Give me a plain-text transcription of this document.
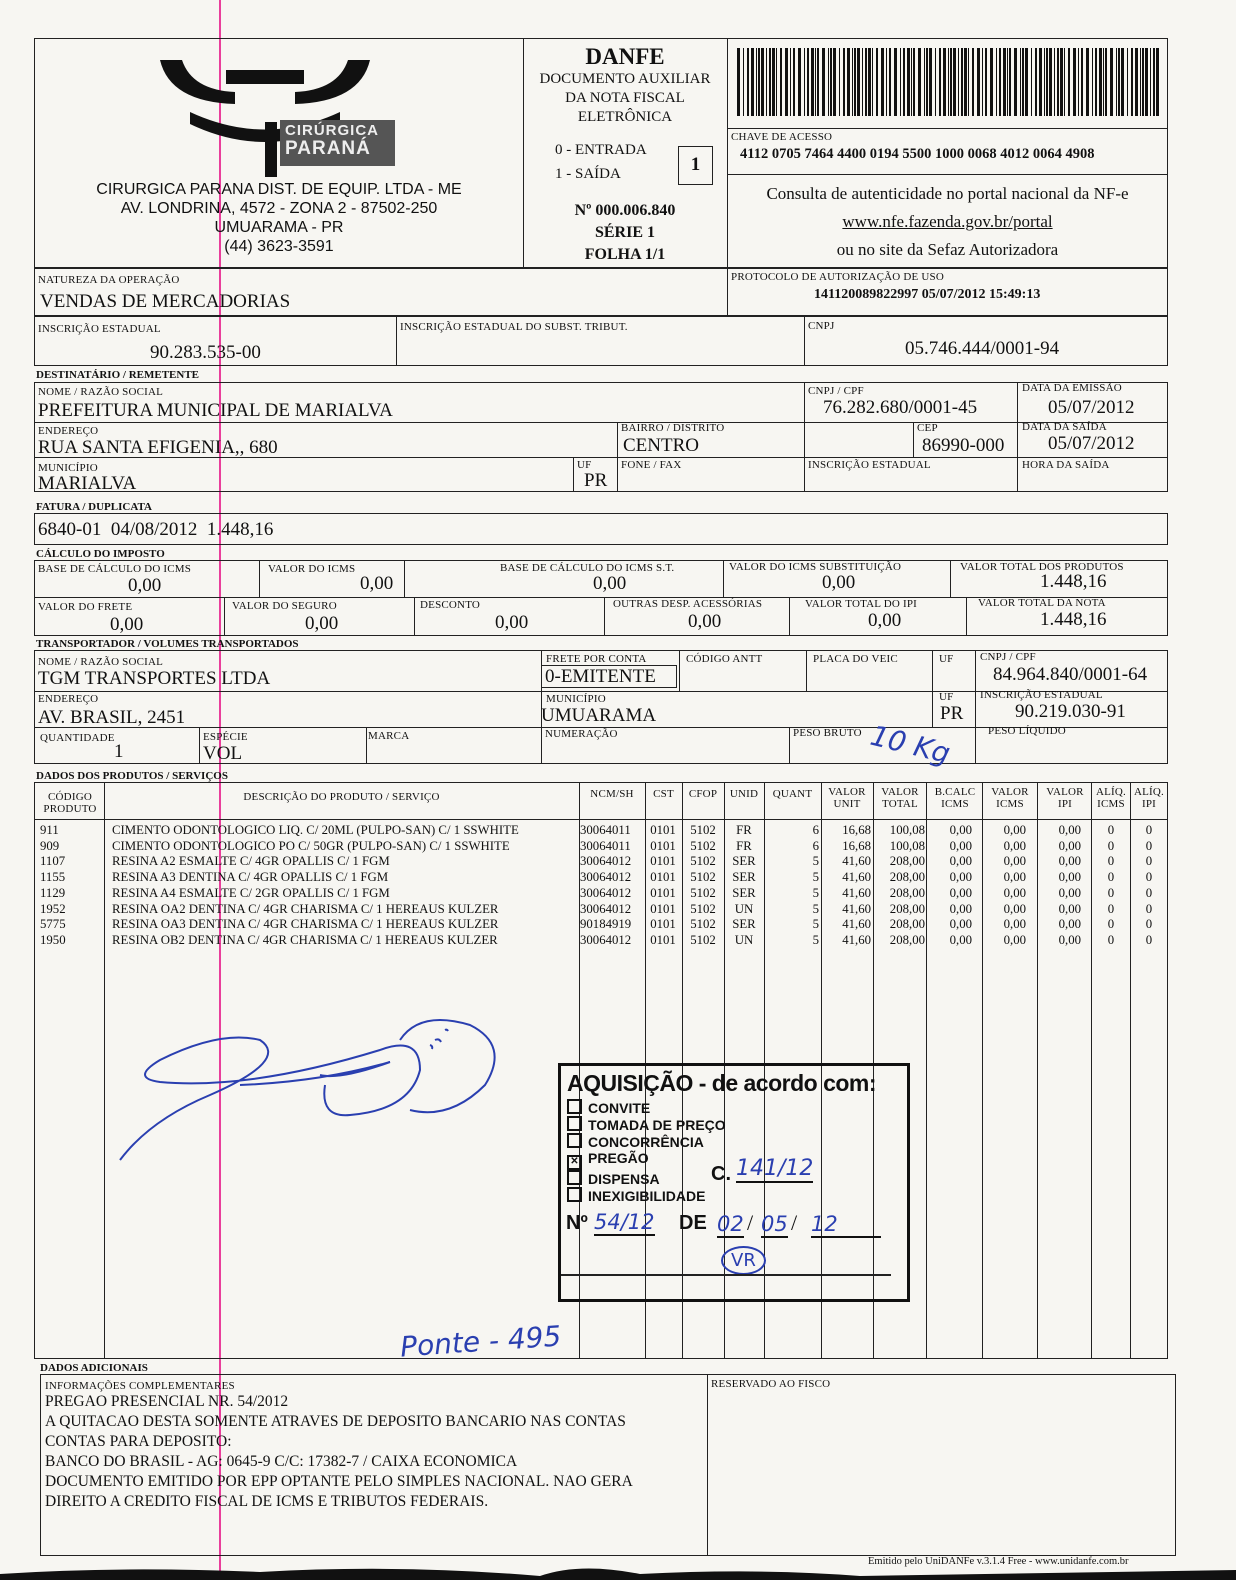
CIRÚRGICA
PARANÁ
CIRURGICA PARANA DIST. DE EQUIP. LTDA - ME
AV. LONDRINA, 4572 - ZONA 2 - 87502-250
UMUARAMA - PR
(44) 3623-3591
DANFE
DOCUMENTO AUXILIAR
DA NOTA FISCAL
ELETRÔNICA
0 - ENTRADA
1 - SAÍDA	1
Nº 000.006.840
SÉRIE 1
FOLHA 1/1
CHAVE DE ACESSO
4112 0705 7464 4400 0194 5500 1000 0068 4012 0064 4908
Consulta de autenticidade no portal nacional da NF-e
www.nfe.fazenda.gov.br/portal
ou no site da Sefaz Autorizadora
NATUREZA DA OPERAÇÃO
VENDAS DE MERCADORIAS
PROTOCOLO DE AUTORIZAÇÃO DE USO
141120089822997 05/07/2012 15:49:13
INSCRIÇÃO ESTADUAL
90.283.535-00
INSCRIÇÃO ESTADUAL DO SUBST. TRIBUT.	CNPJ
05.746.444/0001-94
DESTINATÁRIO / REMETENTE
NOME / RAZÃO SOCIAL
PREFEITURA MUNICIPAL DE MARIALVA
CNPJ / CPF
76.282.680/0001-45
DATA DA EMISSÃO
05/07/2012
ENDEREÇO
RUA SANTA EFIGENIA,, 680
BAIRRO / DISTRITO
CENTRO
CEP
86990-000
DATA DA SAÍDA
05/07/2012
MUNICÍPIO
MARIALVA
UF
PR
FONE / FAX	INSCRIÇÃO ESTADUAL	HORA DA SAÍDA
FATURA / DUPLICATA
6840-01  04/08/2012  1.448,16
CÁLCULO DO IMPOSTO
BASE DE CÁLCULO DO ICMS
0,00
VALOR DO ICMS
0,00
BASE DE CÁLCULO DO ICMS S.T.
0,00
VALOR DO ICMS SUBSTITUIÇÃO
0,00
VALOR TOTAL DOS PRODUTOS
1.448,16
VALOR DO FRETE
0,00
VALOR DO SEGURO
0,00
DESCONTO
0,00
OUTRAS DESP. ACESSÓRIAS
0,00
VALOR TOTAL DO IPI
0,00
VALOR TOTAL DA NOTA
1.448,16
TRANSPORTADOR / VOLUMES TRANSPORTADOS
NOME / RAZÃO SOCIAL
TGM TRANSPORTES LTDA
FRETE POR CONTA
0-EMITENTE
CÓDIGO ANTT	PLACA DO VEIC	UF CNPJ / CPF
84.964.840/0001-64
ENDEREÇO
AV. BRASIL, 2451
MUNICÍPIO
UMUARAMA
UF
PR
INSCRIÇÃO ESTADUAL
90.219.030-91
QUANTIDADE
1
ESPÉCIE
VOL
MARCA	NUMERAÇÃO	PESO BRUTO 10 Kg	PESO LÍQUIDO
DADOS DOS PRODUTOS / SERVIÇOS
CÓDIGO PRODUTO
DESCRIÇÃO DO PRODUTO / SERVIÇO	NCM/SH	CST	CFOP	UNID	QUANT	VALOR UNIT
VALOR TOTAL
B.CALC ICMS
VALOR ICMS
VALOR IPI
ALÍQ. ICMS
ALÍQ. IPI
911	CIMENTO ODONTOLOGICO LIQ. C/ 20ML (PULPO-SAN) C/ 1 SSWHITE	30064011	0101	5102	FR	6	16,68	100,08	0,00	0,00	0,00	0	0
909	CIMENTO ODONTOLOGICO PO C/ 50GR (PULPO-SAN) C/ 1 SSWHITE	30064011	0101	5102	FR	6	16,68	100,08	0,00	0,00	0,00	0	0
1107	RESINA A2 ESMALTE C/ 4GR OPALLIS C/ 1 FGM	30064012	0101	5102	SER	5	41,60	208,00	0,00	0,00	0,00	0	0
1155	RESINA A3 DENTINA C/ 4GR OPALLIS C/ 1 FGM	30064012	0101	5102	SER	5	41,60	208,00	0,00	0,00	0,00	0	0
1129	RESINA A4 ESMALTE C/ 2GR OPALLIS C/ 1 FGM	30064012	0101	5102	SER	5	41,60	208,00	0,00	0,00	0,00	0	0
1952	RESINA OA2 DENTINA C/ 4GR CHARISMA C/ 1 HEREAUS KULZER	30064012	0101	5102	UN	5	41,60	208,00	0,00	0,00	0,00	0	0
5775	RESINA OA3 DENTINA C/ 4GR CHARISMA C/ 1 HEREAUS KULZER	90184919	0101	5102	SER	5	41,60	208,00	0,00	0,00	0,00	0	0
1950	RESINA OB2 DENTINA C/ 4GR CHARISMA C/ 1 HEREAUS KULZER	30064012	0101	5102	UN	5	41,60	208,00	0,00	0,00	0,00	0	0
AQUISIÇÃO - de acordo com:
CONVITE
TOMADA DE PREÇO
CONCORRÊNCIA
✕ PREGÃO
DISPENSA
INEXIGIBILIDADE
C. 141/12
Nº 54/12 DE 02 / 05 / 12
VR
Ponte - 495
DADOS ADICIONAIS
INFORMAÇÕES COMPLEMENTARES
PREGAO PRESENCIAL NR. 54/2012
A QUITACAO DESTA SOMENTE ATRAVES DE DEPOSITO BANCARIO NAS CONTAS
CONTAS PARA DEPOSITO:
BANCO DO BRASIL - AG: 0645-9 C/C: 17382-7 / CAIXA ECONOMICA
DOCUMENTO EMITIDO POR EPP OPTANTE PELO SIMPLES NACIONAL. NAO GERA
DIREITO A CREDITO FISCAL DE ICMS E TRIBUTOS FEDERAIS.
RESERVADO AO FISCO
Emitido pelo UniDANFe v.3.1.4 Free - www.unidanfe.com.br
